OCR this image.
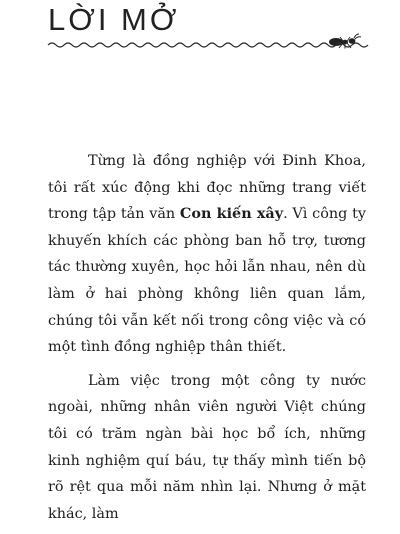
LỜI MỞ

Từng là đồng nghiệp với Đinh Khoa, tôi rất xúc động khi đọc những trang viết trong tập tản văn Con kiến xây. Vì công ty khuyến khích các phòng ban hỗ trợ, tương tác thường xuyên, học hỏi lẫn nhau, nên dù làm ở hai phòng không liên quan lắm, chúng tôi vẫn kết nối trong công việc và có một tình đồng nghiệp thân thiết.

Làm việc trong một công ty nước ngoài, những nhân viên người Việt chúng tôi có trăm ngàn bài học bổ ích, những kinh nghiệm quí báu, tự thấy mình tiến bộ rõ rệt qua mỗi năm nhìn lại. Nhưng ở mặt khác, làm
